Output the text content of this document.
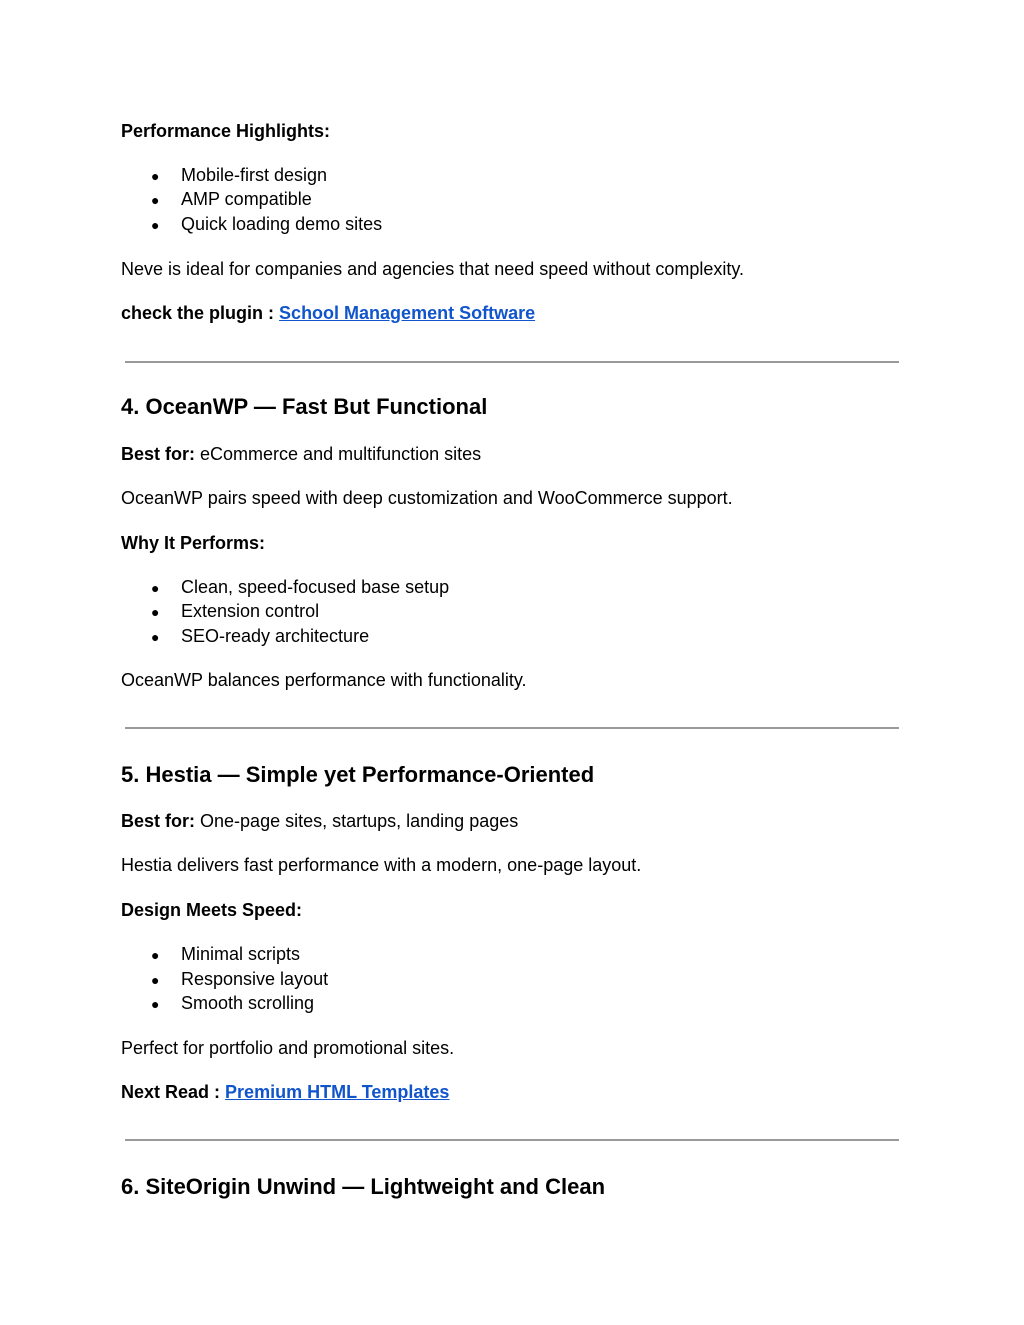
Performance Highlights:
● Mobile-first design
● AMP compatible
● Quick loading demo sites
Neve is ideal for companies and agencies that need speed without complexity.
check the plugin : School Management Software
4. OceanWP — Fast But Functional
Best for: eCommerce and multifunction sites
OceanWP pairs speed with deep customization and WooCommerce support.
Why It Performs:
● Clean, speed-focused base setup
● Extension control
● SEO-ready architecture
OceanWP balances performance with functionality.
5. Hestia — Simple yet Performance-Oriented
Best for: One-page sites, startups, landing pages
Hestia delivers fast performance with a modern, one-page layout.
Design Meets Speed:
● Minimal scripts
● Responsive layout
● Smooth scrolling
Perfect for portfolio and promotional sites.
Next Read : Premium HTML Templates
6. SiteOrigin Unwind — Lightweight and Clean
